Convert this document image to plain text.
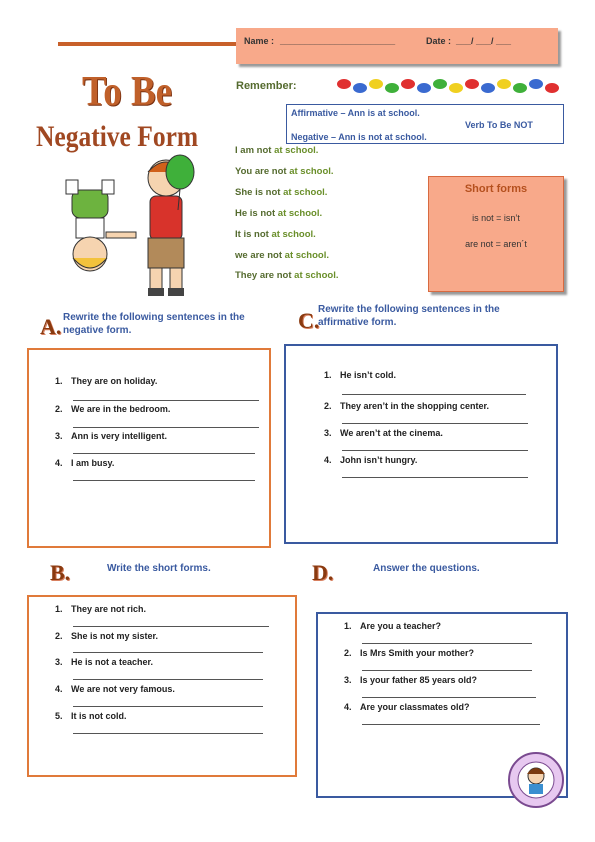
Name : _______________________	Date : ___/ ___/ ___
To Be
Negative Form
Remember:
Affirmative – Ann is at school.
Verb To Be NOT
Negative – Ann is not at school.
I am not at school.
You are not at school.
She is not at school.
He is not at school.
It is not at school.
we are not at school.
They are not at school.
Short forms
is not = isn’t
are not = aren´t
A. Rewrite the following sentences in the negative form.
1. They are on holiday.
2. We are in the bedroom.
3. Ann is very intelligent.
4. I am busy.
C.
Rewrite the following sentences in the affirmative form.
1. He isn’t cold.
2. They aren’t in the shopping center.
3. We aren’t at the cinema.
4. John isn’t hungry.
B.	Write the short forms.
1. They are not rich.
2. She is not my sister.
3. He is not a teacher.
4. We are not very famous.
5. It is not cold.
D.	Answer the questions.
1. Are you a teacher?
2. Is Mrs Smith your mother?
3. Is your father 85 years old?
4. Are your classmates old?
